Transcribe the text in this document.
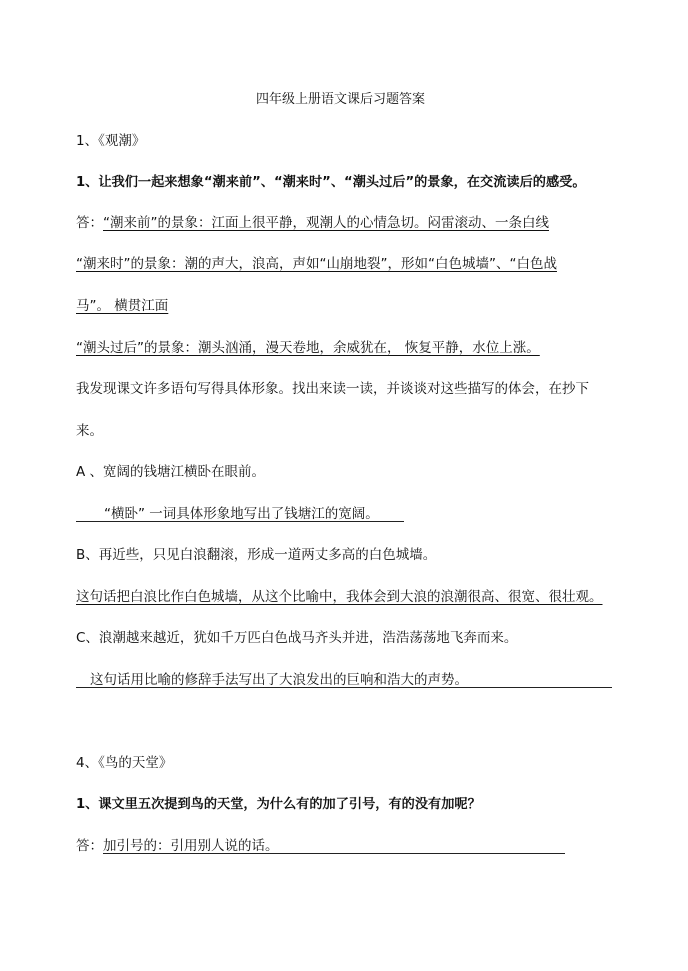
四年级上册语文课后习题答案
1、《观潮》
1、让我们一起来想象“潮来前”、“潮来时”、“潮头过后”的景象，在交流读后的感受。
答：“潮来前”的景象：江面上很平静，观潮人的心情急切。闷雷滚动、一条白线
“潮来时”的景象：潮的声大，浪高，声如“山崩地裂”，形如“白色城墙”、“白色战
马”。 横贯江面
“潮头过后”的景象：潮头汹涌，漫天卷地，余威犹在， 恢复平静，水位上涨。
我发现课文许多语句写得具体形象。找出来读一读，并谈谈对这些描写的体会，在抄下
来。
A 、宽阔的钱塘江横卧在眼前。
“横卧” 一词具体形象地写出了钱塘江的宽阔。
B、再近些，只见白浪翻滚，形成一道两丈多高的白色城墙。
这句话把白浪比作白色城墙，从这个比喻中，我体会到大浪的浪潮很高、很宽、很壮观。
C、浪潮越来越近，犹如千万匹白色战马齐头并进，浩浩荡荡地飞奔而来。
这句话用比喻的修辞手法写出了大浪发出的巨响和浩大的声势。
4、《鸟的天堂》
1、课文里五次提到鸟的天堂，为什么有的加了引号，有的没有加呢？
答：加引号的：引用别人说的话。
